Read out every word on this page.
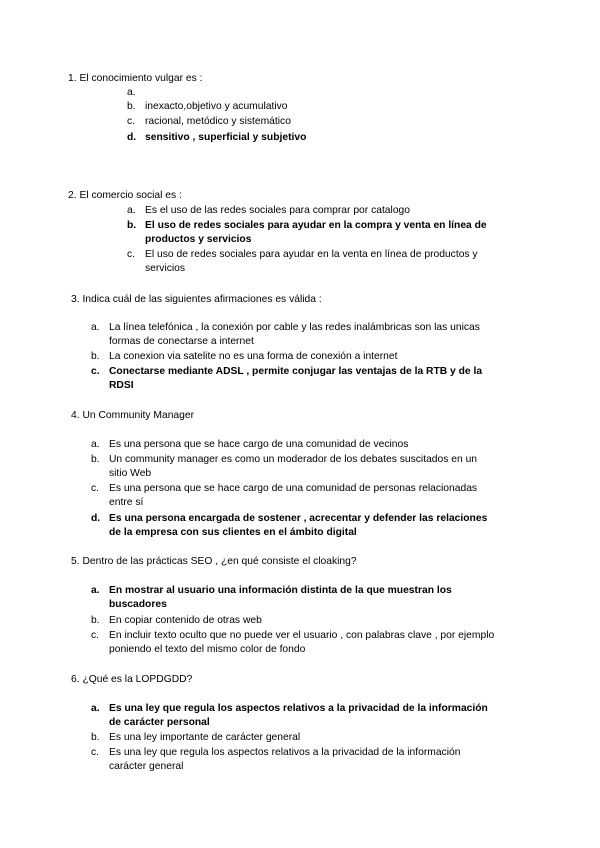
1. El conocimiento vulgar es :
a.
b. inexacto,objetivo y acumulativo
c. racional, metódico y sistemático
d. sensitivo , superficial y subjetivo
2. El comercio social es :
a. Es el uso de las redes sociales para comprar por catalogo
b. El uso de redes sociales para ayudar en la compra y venta en línea de
productos y servicios
c. El uso de redes sociales para ayudar en la venta en línea de productos y
servicios
3. Indica cuál de las siguientes afirmaciones es válida :
a. La línea telefónica , la conexión por cable y las redes inalámbricas son las unicas
formas de conectarse a internet
b. La conexion via satelite no es una forma de conexión a internet
c. Conectarse mediante ADSL , permite conjugar las ventajas de la RTB y de la
RDSI
4. Un Community Manager
a. Es una persona que se hace cargo de una comunidad de vecinos
b. Un community manager es como un moderador de los debates suscitados en un
sitio Web
c. Es una persona que se hace cargo de una comunidad de personas relacionadas
entre sí
d. Es una persona encargada de sostener , acrecentar y defender las relaciones
de la empresa con sus clientes en el ámbito digital
5. Dentro de las prácticas SEO , ¿en qué consiste el cloaking?
a. En mostrar al usuario una información distinta de la que muestran los
buscadores
b. En copiar contenido de otras web
c. En incluir texto oculto que no puede ver el usuario , con palabras clave , por ejemplo
poniendo el texto del mismo color de fondo
6. ¿Qué es la LOPDGDD?
a. Es una ley que regula los aspectos relativos a la privacidad de la información
de carácter personal
b. Es una ley importante de carácter general
c. Es una ley que regula los aspectos relativos a la privacidad de la información
carácter general
